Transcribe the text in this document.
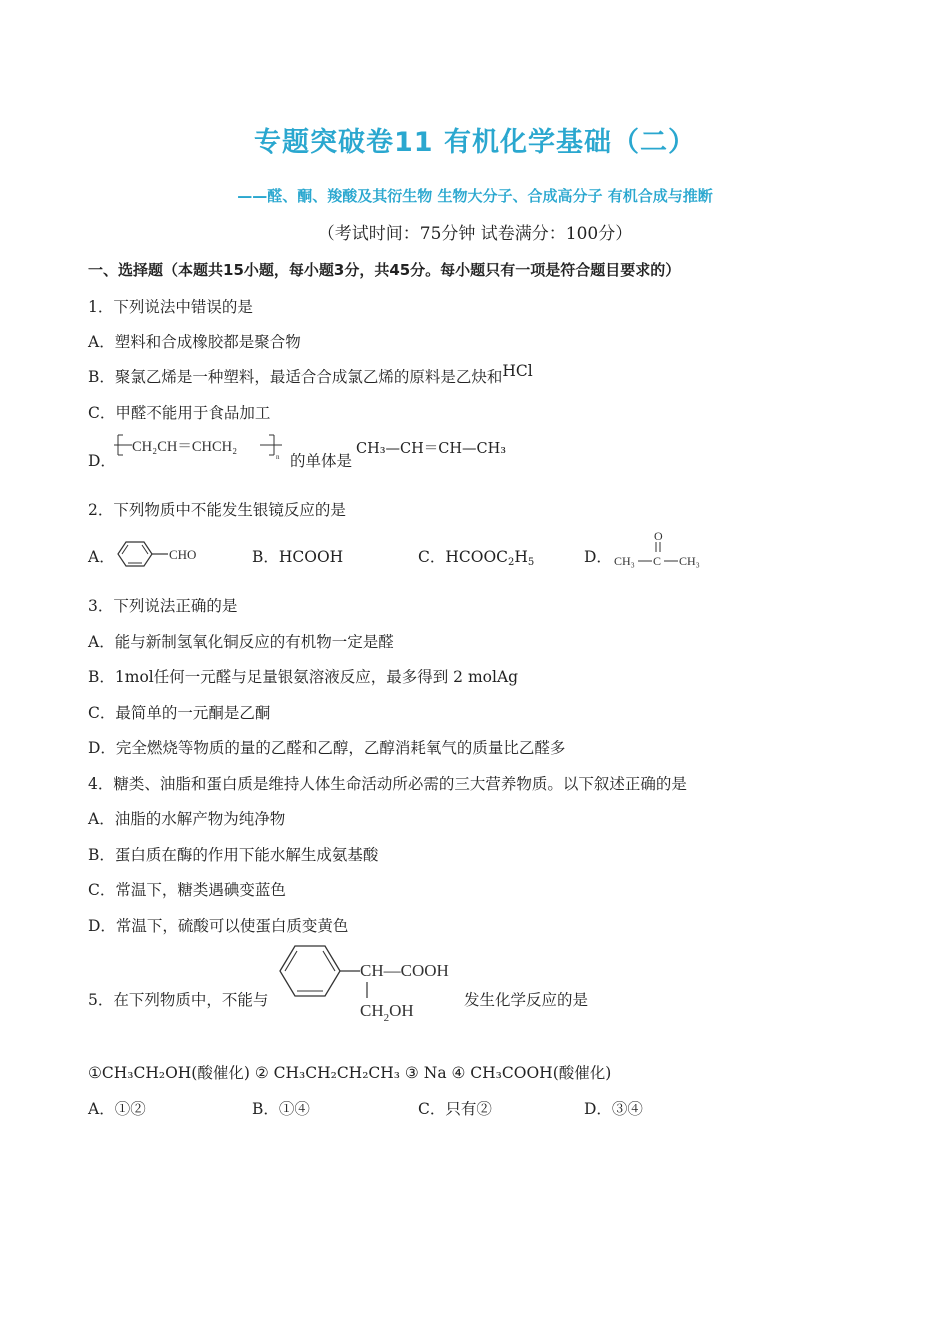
专题突破卷11 有机化学基础（二）
——醛、酮、羧酸及其衍生物 生物大分子、合成高分子 有机合成与推断
（考试时间：75分钟 试卷满分：100分）
一、选择题（本题共15小题，每小题3分，共45分。每小题只有一项是符合题目要求的）
1．下列说法中错误的是
A．塑料和合成橡胶都是聚合物
B．聚氯乙烯是一种塑料，最适合合成氯乙烯的原料是乙炔和HCl
C．甲醛不能用于食品加工
D．
CH₂CH＝CHCH₂
n 的单体是
CH₃—CH＝CH—CH₃
2．下列物质中不能发生银镜反应的是
A．	CHO	B．HCOOH	C．$HCOOC_2H_5$	D．
O
CH₃ C CH₃
3．下列说法正确的是
A．能与新制氢氧化铜反应的有机物一定是醛
B．1mol任何一元醛与足量银氨溶液反应，最多得到 2 molAg
C．最简单的一元酮是乙酮
D．完全燃烧等物质的量的乙醛和乙醇，乙醇消耗氧气的质量比乙醛多
4．糖类、油脂和蛋白质是维持人体生命活动所必需的三大营养物质。以下叙述正确的是
A．油脂的水解产物为纯净物
B．蛋白质在酶的作用下能水解生成氨基酸
C．常温下，糖类遇碘变蓝色
D．常温下，硫酸可以使蛋白质变黄色
5．在下列物质中，不能与
CH—COOH
$CH_2OH$
发生化学反应的是
①CH₃CH₂OH(酸催化) ② CH₃CH₂CH₂CH₃ ③ Na ④ CH₃COOH(酸催化)
A．①②	B．①④	C．只有②	D．③④
